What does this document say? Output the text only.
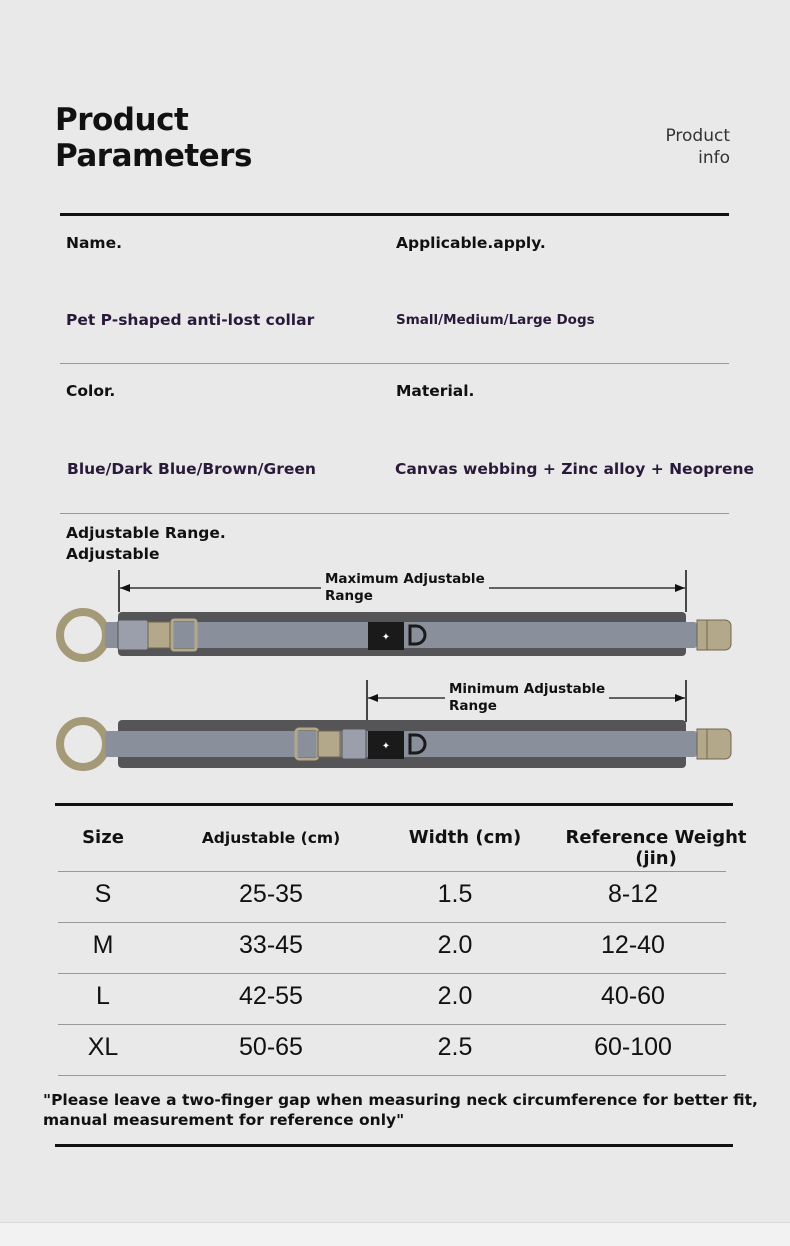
Product
Parameters
Product
info
Name.	Applicable.apply.
Pet P-shaped anti-lost collar	Small/Medium/Large Dogs
Color.	Material.
Blue/Dark Blue/Brown/Green	Canvas webbing + Zinc alloy + Neoprene
Adjustable Range.
Adjustable
Maximum Adjustable
Range
✦
Minimum Adjustable
Range
✦
Size	Adjustable (cm)	Width (cm)	Reference Weight (jin)
S	25-35	1.5	8-12
M	33-45	2.0	12-40
L	42-55	2.0	40-60
XL	50-65	2.5	60-100
"Please leave a two-finger gap when measuring neck circumference for better fit, manual measurement for reference only"
